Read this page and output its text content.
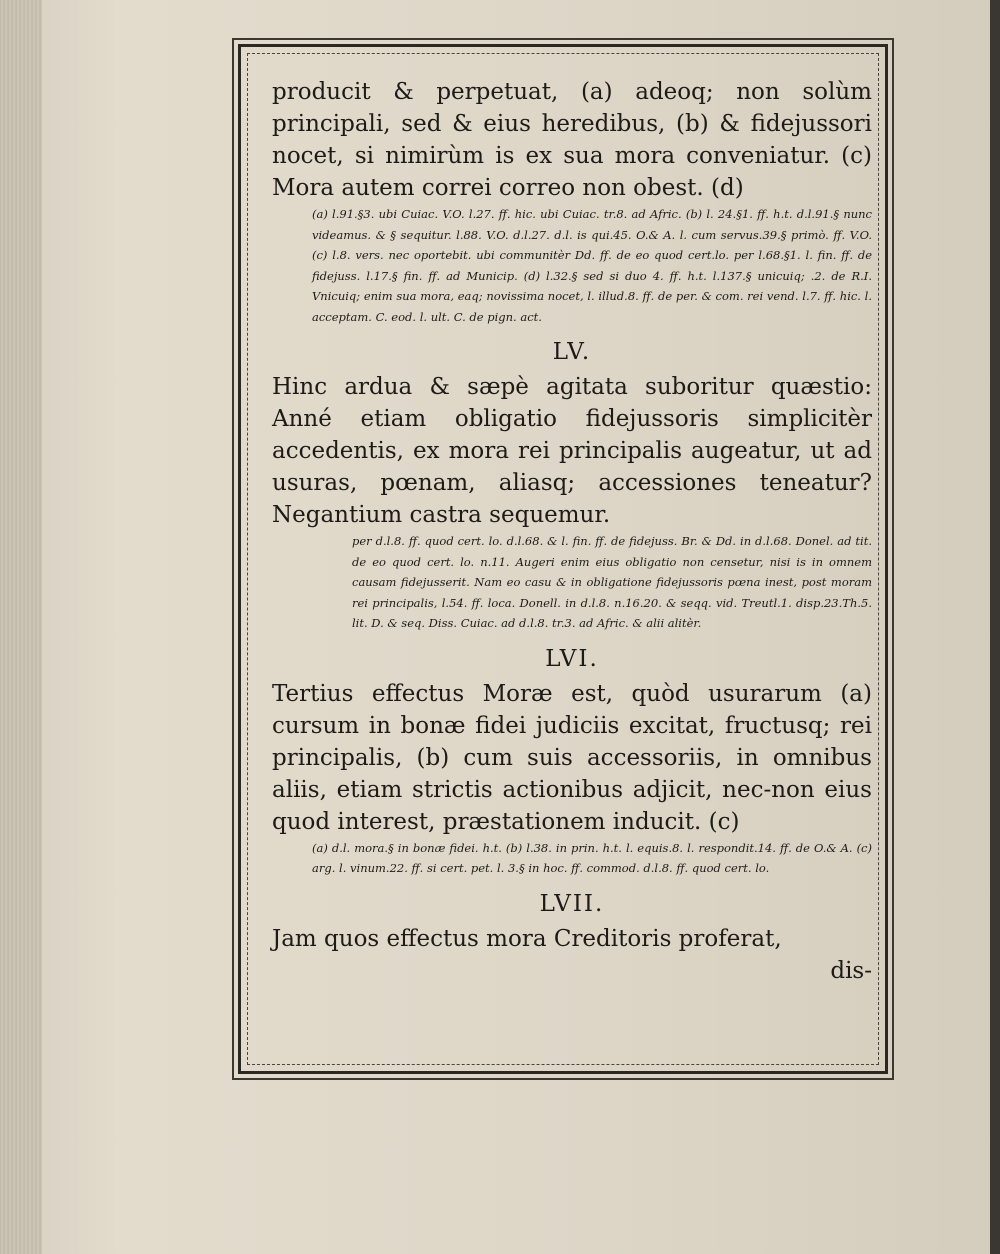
producit & perpetuat, (a) adeoq; non solùm principali, sed & eius heredibus, (b) & fidejussori nocet, si nimirùm is ex sua mora conveniatur. (c) Mora autem correi correo non obest. (d)

(a) l.91.§3. ubi Cuiac. V.O. l.27. ff. hic. ubi Cuiac. tr.8. ad Afric. (b) l. 24.§1. ff. h.t. d.l.91.§ nunc videamus. & § sequitur. l.88. V.O. d.l.27. d.l. is qui.45. O.& A. l. cum servus.39.§ primò. ff. V.O. (c) l.8. vers. nec oportebit. ubi communitèr Dd. ff. de eo quod cert.lo. per l.68.§1. l. fin. ff. de fidejuss. l.17.§ fin. ff. ad Municip. (d) l.32.§ sed si duo 4. ff. h.t. l.137.§ unicuiq; .2. de R.I. Vnicuiq; enim sua mora, eaq; novissima nocet, l. illud.8. ff. de per. & com. rei vend. l.7. ff. hic. l. acceptam. C. eod. l. ult. C. de pign. act.

LV.

Hinc ardua & sæpè agitata suboritur quæstio: Anné etiam obligatio fidejussoris simplicitèr accedentis, ex mora rei principalis augeatur, ut ad usuras, pœnam, aliasq; accessiones teneatur? Negantium castra sequemur.

per d.l.8. ff. quod cert. lo. d.l.68. & l. fin. ff. de fidejuss. Br. & Dd. in d.l.68. Donel. ad tit. de eo quod cert. lo. n.11. Augeri enim eius obligatio non censetur, nisi is in omnem causam fidejusserit. Nam eo casu & in obligatione fidejussoris pœna inest, post moram rei principalis, l.54. ff. loca. Donell. in d.l.8. n.16.20. & seqq. vid. Treutl.1. disp.23.Th.5. lit. D. & seq. Diss. Cuiac. ad d.l.8. tr.3. ad Afric. & alii alitèr.

LVI.

Tertius effectus Moræ est, quòd usurarum (a) cursum in bonæ fidei judiciis excitat, fructusq; rei principalis, (b) cum suis accessoriis, in omnibus aliis, etiam strictis actionibus adjicit, nec-non eius quod interest, præstationem inducit. (c)

(a) d.l. mora.§ in bonæ fidei. h.t. (b) l.38. in prin. h.t. l. equis.8. l. respondit.14. ff. de O.& A. (c) arg. l. vinum.22. ff. si cert. pet. l. 3.§ in hoc. ff. commod. d.l.8. ff. quod cert. lo.

LVII.

Jam quos effectus mora Creditoris proferat,

dis-
